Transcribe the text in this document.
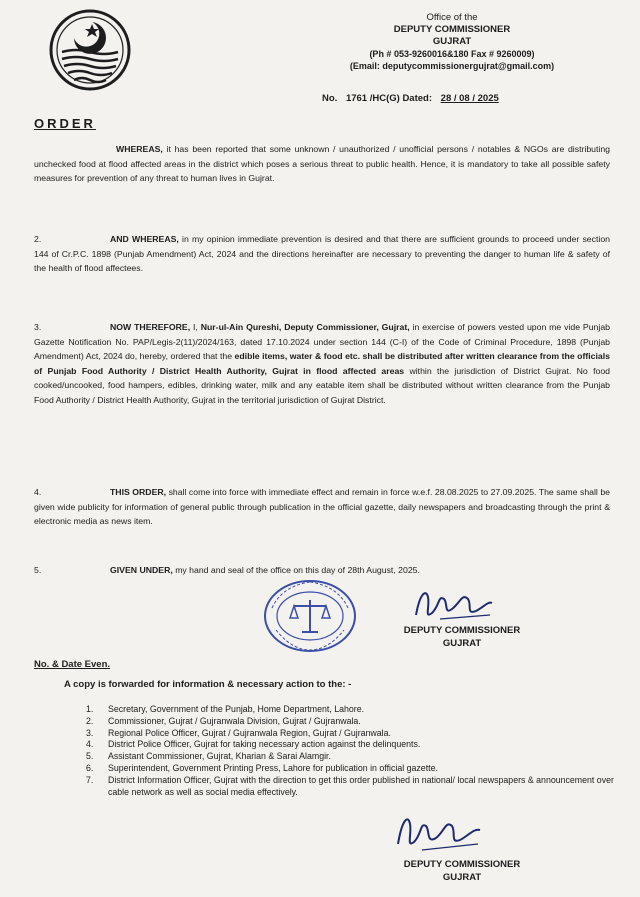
Office of the
DEPUTY COMMISSIONER
GUJRAT
(Ph # 053-9260016&180 Fax # 9260009)
(Email: deputycommissionergujrat@gmail.com)
No. 1761 /HC(G) Dated: 28 / 08 / 2025
ORDER
WHEREAS, it has been reported that some unknown / unauthorized / unofficial persons / notables & NGOs are distributing unchecked food at flood affected areas in the district which poses a serious threat to public health. Hence, it is mandatory to take all possible safety measures for prevention of any threat to human lives in Gujrat.
2.	AND WHEREAS, in my opinion immediate prevention is desired and that there are sufficient grounds to proceed under section 144 of Cr.P.C. 1898 (Punjab Amendment) Act, 2024 and the directions hereinafter are necessary to preventing the danger to human life & safety of the health of flood affectees.
3.	NOW THEREFORE, I, Nur-ul-Ain Qureshi, Deputy Commissioner, Gujrat, in exercise of powers vested upon me vide Punjab Gazette Notification No. PAP/Legis-2(11)/2024/163, dated 17.10.2024 under section 144 (C-I) of the Code of Criminal Procedure, 1898 (Punjab Amendment) Act, 2024 do, hereby, ordered that the edible items, water & food etc. shall be distributed after written clearance from the officials of Punjab Food Authority / District Health Authority, Gujrat in flood affected areas within the jurisdiction of District Gujrat. No food cooked/uncooked, food hampers, edibles, drinking water, milk and any eatable item shall be distributed without written clearance from the Punjab Food Authority / District Health Authority, Gujrat in the territorial jurisdiction of Gujrat District.
4.	THIS ORDER, shall come into force with immediate effect and remain in force w.e.f. 28.08.2025 to 27.09.2025. The same shall be given wide publicity for information of general public through publication in the official gazette, daily newspapers and broadcasting through the print & electronic media as news item.
5.	GIVEN UNDER, my hand and seal of the office on this day of 28th August, 2025.
DEPUTY COMMISSIONER
GUJRAT
No. & Date Even.
A copy is forwarded for information & necessary action to the: -
1.	Secretary, Government of the Punjab, Home Department, Lahore.
2.	Commissioner, Gujrat / Gujranwala Division, Gujrat / Gujranwala.
3.	Regional Police Officer, Gujrat / Gujranwala Region, Gujrat / Gujranwala.
4.	District Police Officer, Gujrat for taking necessary action against the delinquents.
5.	Assistant Commissioner, Gujrat, Kharian & Sarai Alamgir.
6.	Superintendent, Government Printing Press, Lahore for publication in official gazette.
7.	District Information Officer, Gujrat with the direction to get this order published in national/ local newspapers & announcement over cable network as well as social media effectively.
DEPUTY COMMISSIONER
GUJRAT
